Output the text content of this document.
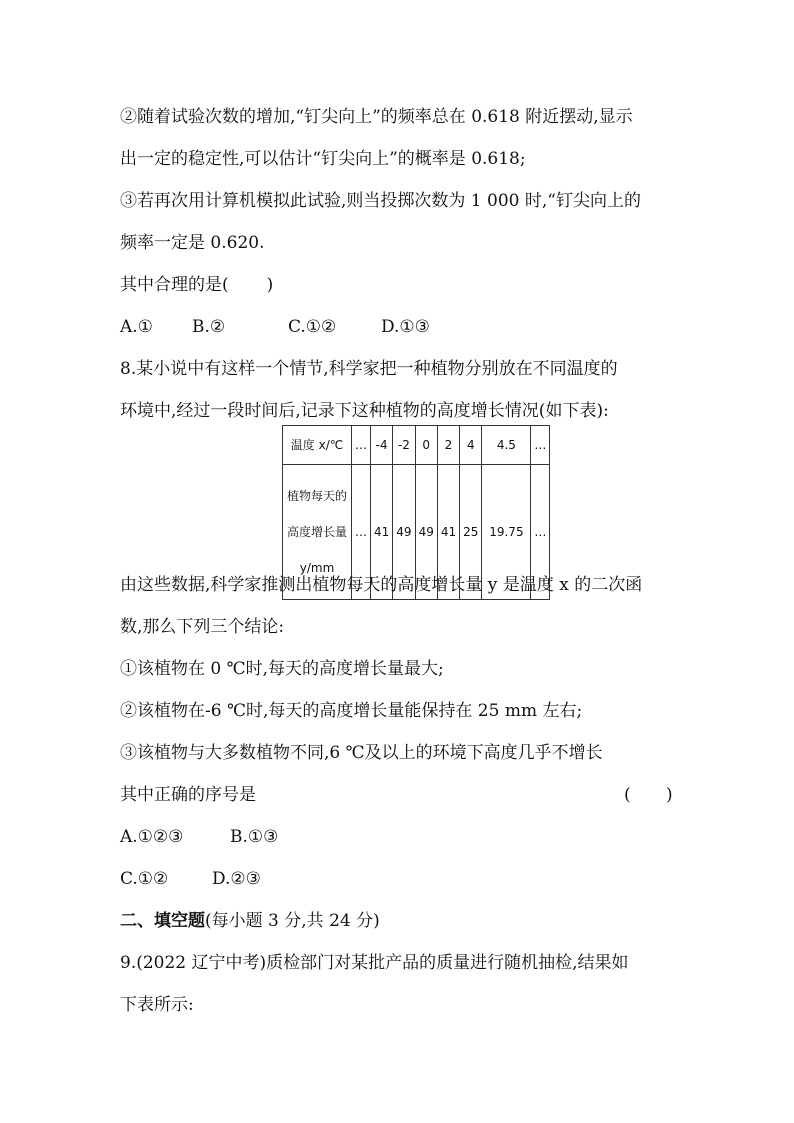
②随着试验次数的增加,“钉尖向上”的频率总在 0.618 附近摆动,显示
出一定的稳定性,可以估计“钉尖向上”的概率是 0.618;
③若再次用计算机模拟此试验,则当投掷次数为 1 000 时,“钉尖向上的
频率一定是 0.620.
其中合理的是( )
A.① B.②	C.①②	D.①③
8.某小说中有这样一个情节,科学家把一种植物分别放在不同温度的
环境中,经过一段时间后,记录下这种植物的高度增长情况(如下表):
温度 x/℃	…	-4	-2	0	2	4	4.5	…
植物每天的高度增长量 y/mm	…	41	49	49	41	25	19.75	…
由这些数据,科学家推测出植物每天的高度增长量 y 是温度 x 的二次函
数,那么下列三个结论:
①该植物在 0 ℃时,每天的高度增长量最大;
②该植物在-6 ℃时,每天的高度增长量能保持在 25 mm 左右;
③该植物与大多数植物不同,6 ℃及以上的环境下高度几乎不增长
其中正确的序号是	( )
A.①②③	B.①③
C.①②	D.②③
二、填空题(每小题 3 分,共 24 分)
9.(2022 辽宁中考)质检部门对某批产品的质量进行随机抽检,结果如
下表所示:
